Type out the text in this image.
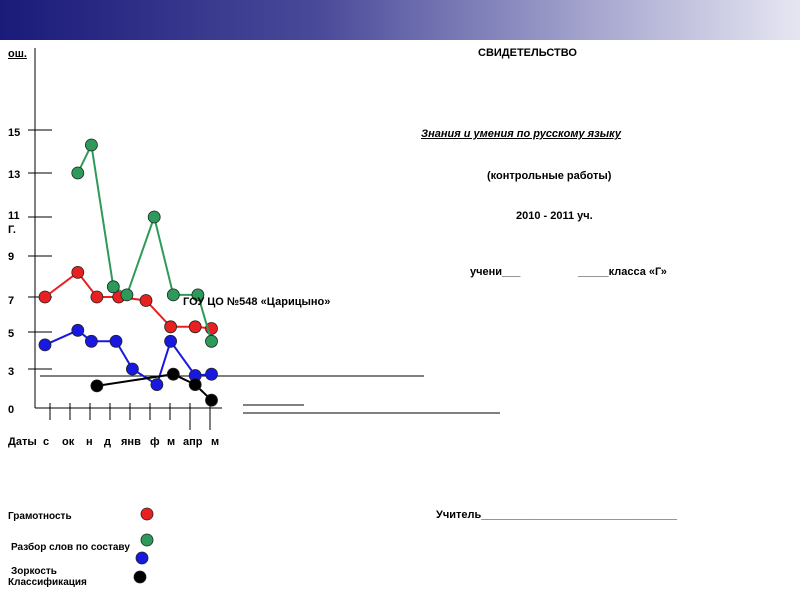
ош.
15
13
11
Г.
9
7
5
3
0
Даты с ок н д янв ф м апр м
СВИДЕТЕЛЬСТВО
Знания и умения по русскому языку
(контрольные работы)
2010 - 2011 уч.
учени___	_____класса «Г»
ГОУ ЦО №548 «Царицыно»
Учитель________________________________
Грамотность
Разбор слов по составу
Зоркость
Классификация
